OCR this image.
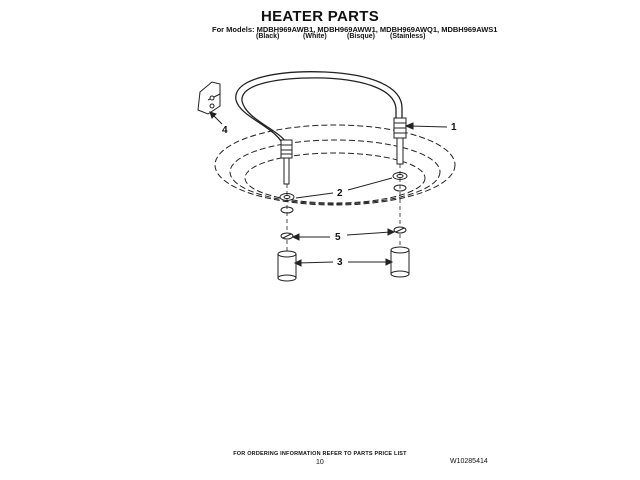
HEATER PARTS
For Models: MDBH969AWB1, MDBH969AWW1, MDBH969AWQ1, MDBH969AWS1
(Black)	(White)	(Bisque) (Stainless)
1
2
3
4
5
FOR ORDERING INFORMATION REFER TO PARTS PRICE LIST
10	W10285414
